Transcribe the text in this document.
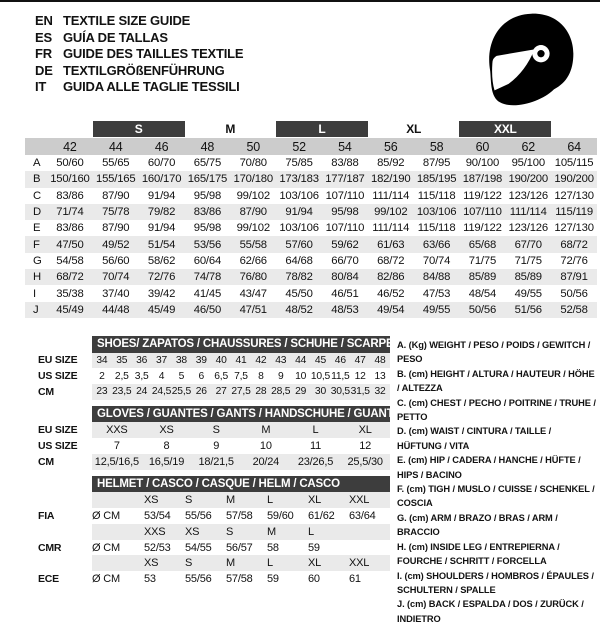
EN TEXTILE SIZE GUIDE
ES GUÍA DE TALLAS
FR GUIDE DES TAILLES TEXTILE
DE TEXTILGRÖßENFÜHRUNG
IT	GUIDA ALLE TAGLIE TESSILI
S	M	L	XL	XXL
42	44	46	48	50	52	54	56	58	60	62	64
A	50/60	55/65	60/70	65/75	70/80	75/85	83/88	85/92	87/95	90/100	95/100 105/115
B 150/160 155/165 160/170 165/175 170/180 173/183 177/187 182/190 185/195 187/198 190/200 190/200
C	83/86	87/90	91/94	95/98	99/102 103/106 107/110 111/114 115/118 119/122 123/126 127/130
D	71/74	75/78	79/82	83/86	87/90	91/94	95/98	99/102 103/106 107/110 111/114 115/119
E	83/86	87/90	91/94	95/98	99/102 103/106 107/110 111/114 115/118 119/122 123/126 127/130
F	47/50	49/52	51/54	53/56	55/58	57/60	59/62	61/63	63/66	65/68	67/70	68/72
G	54/58	56/60	58/62	60/64	62/66	64/68	66/70	68/72	70/74	71/75	71/75	72/76
H	68/72	70/74	72/76	74/78	76/80	78/82	80/84	82/86	84/88	85/89	85/89	87/91
I	35/38	37/40	39/42	41/45	43/47	45/50	46/51	46/52	47/53	48/54	49/55	50/56
J	45/49	44/48	45/49	46/50	47/51	48/52	48/53	49/54	49/55	50/56	51/56	52/58
SHOES/ ZAPATOS / CHAUSSURES / SCHUHE / SCARPE
EU SIZE	34 35 36 37 38 39 40 41 42 43 44 45 46 47 48
US SIZE	2 2,5 3,5 4	5	6 6,5 7,5 8	9	10 10,5 11,5 12 13
CM	23 23,5 24 24,5 25,5 26 27 27,5 28 28,5 29 30 30,5 31,5 32
GLOVES / GUANTES / GANTS / HANDSCHUHE / GUANTI
EU SIZE	XXS	XS	S	M	L	XL
US SIZE	7	8	9	10	11	12
CM	12,5/16,5 16,5/19	18/21,5	20/24	23/26,5	25,5/30
HELMET / CASCO / CASQUE / HELM / CASCO
XS	S	M	L	XL	XXL
FIA	Ø CM	53/54	55/56	57/58	59/60	61/62	63/64
XXS	XS	S	M	L
CMR	Ø CM	52/53	54/55	56/57	58	59
XS	S	M	L	XL	XXL
ECE	Ø CM	53	55/56	57/58	59	60	61
A. (Kg) WEIGHT / PESO / POIDS / GEWITCH / PESO
B. (cm) HEIGHT / ALTURA / HAUTEUR / HÖHE / ALTEZZA
C. (cm) CHEST / PECHO / POITRINE / TRUHE / PETTO
D. (cm) WAIST / CINTURA / TAILLE / HÜFTUNG / VITA
E. (cm) HIP / CADERA / HANCHE / HÜFTE / HIPS / BACINO
F. (cm) TIGH / MUSLO / CUISSE / SCHENKEL / COSCIA
G. (cm) ARM / BRAZO / BRAS / ARM / BRACCIO
H. (cm) INSIDE LEG / ENTREPIERNA / FOURCHE / SCHRITT / FORCELLA
I. (cm) SHOULDERS / HOMBROS / ÉPAULES / SCHULTERN / SPALLE
J. (cm) BACK / ESPALDA / DOS / ZURÜCK / INDIETRO
